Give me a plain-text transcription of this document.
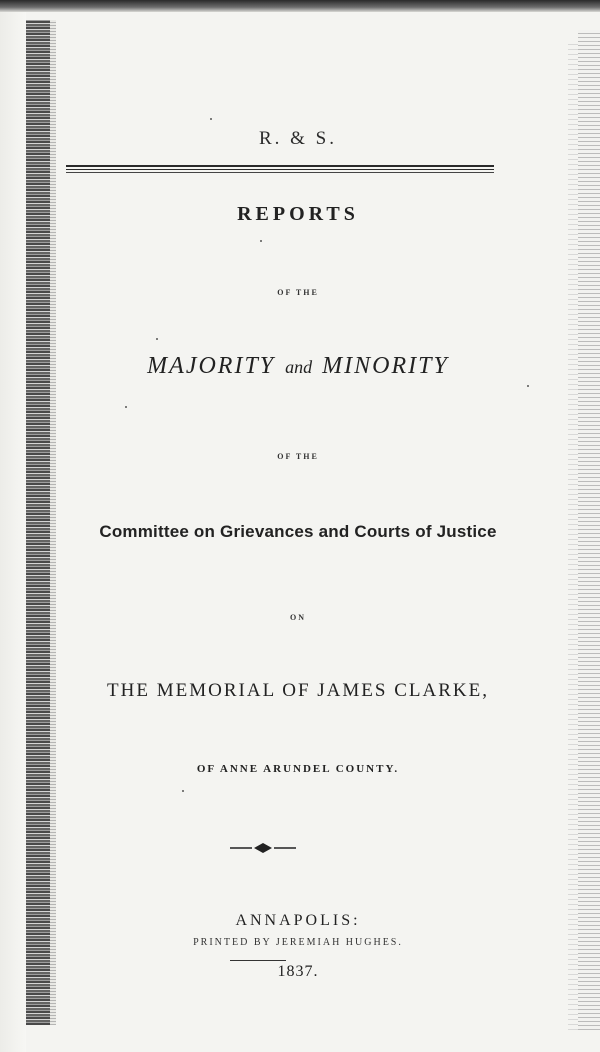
R. & S.
REPORTS
OF THE
MAJORITY and MINORITY
OF THE
Committee on Grievances and Courts of Justice
ON
THE MEMORIAL OF JAMES CLARKE,
OF ANNE ARUNDEL COUNTY.
ANNAPOLIS:
PRINTED BY JEREMIAH HUGHES.
1837.
